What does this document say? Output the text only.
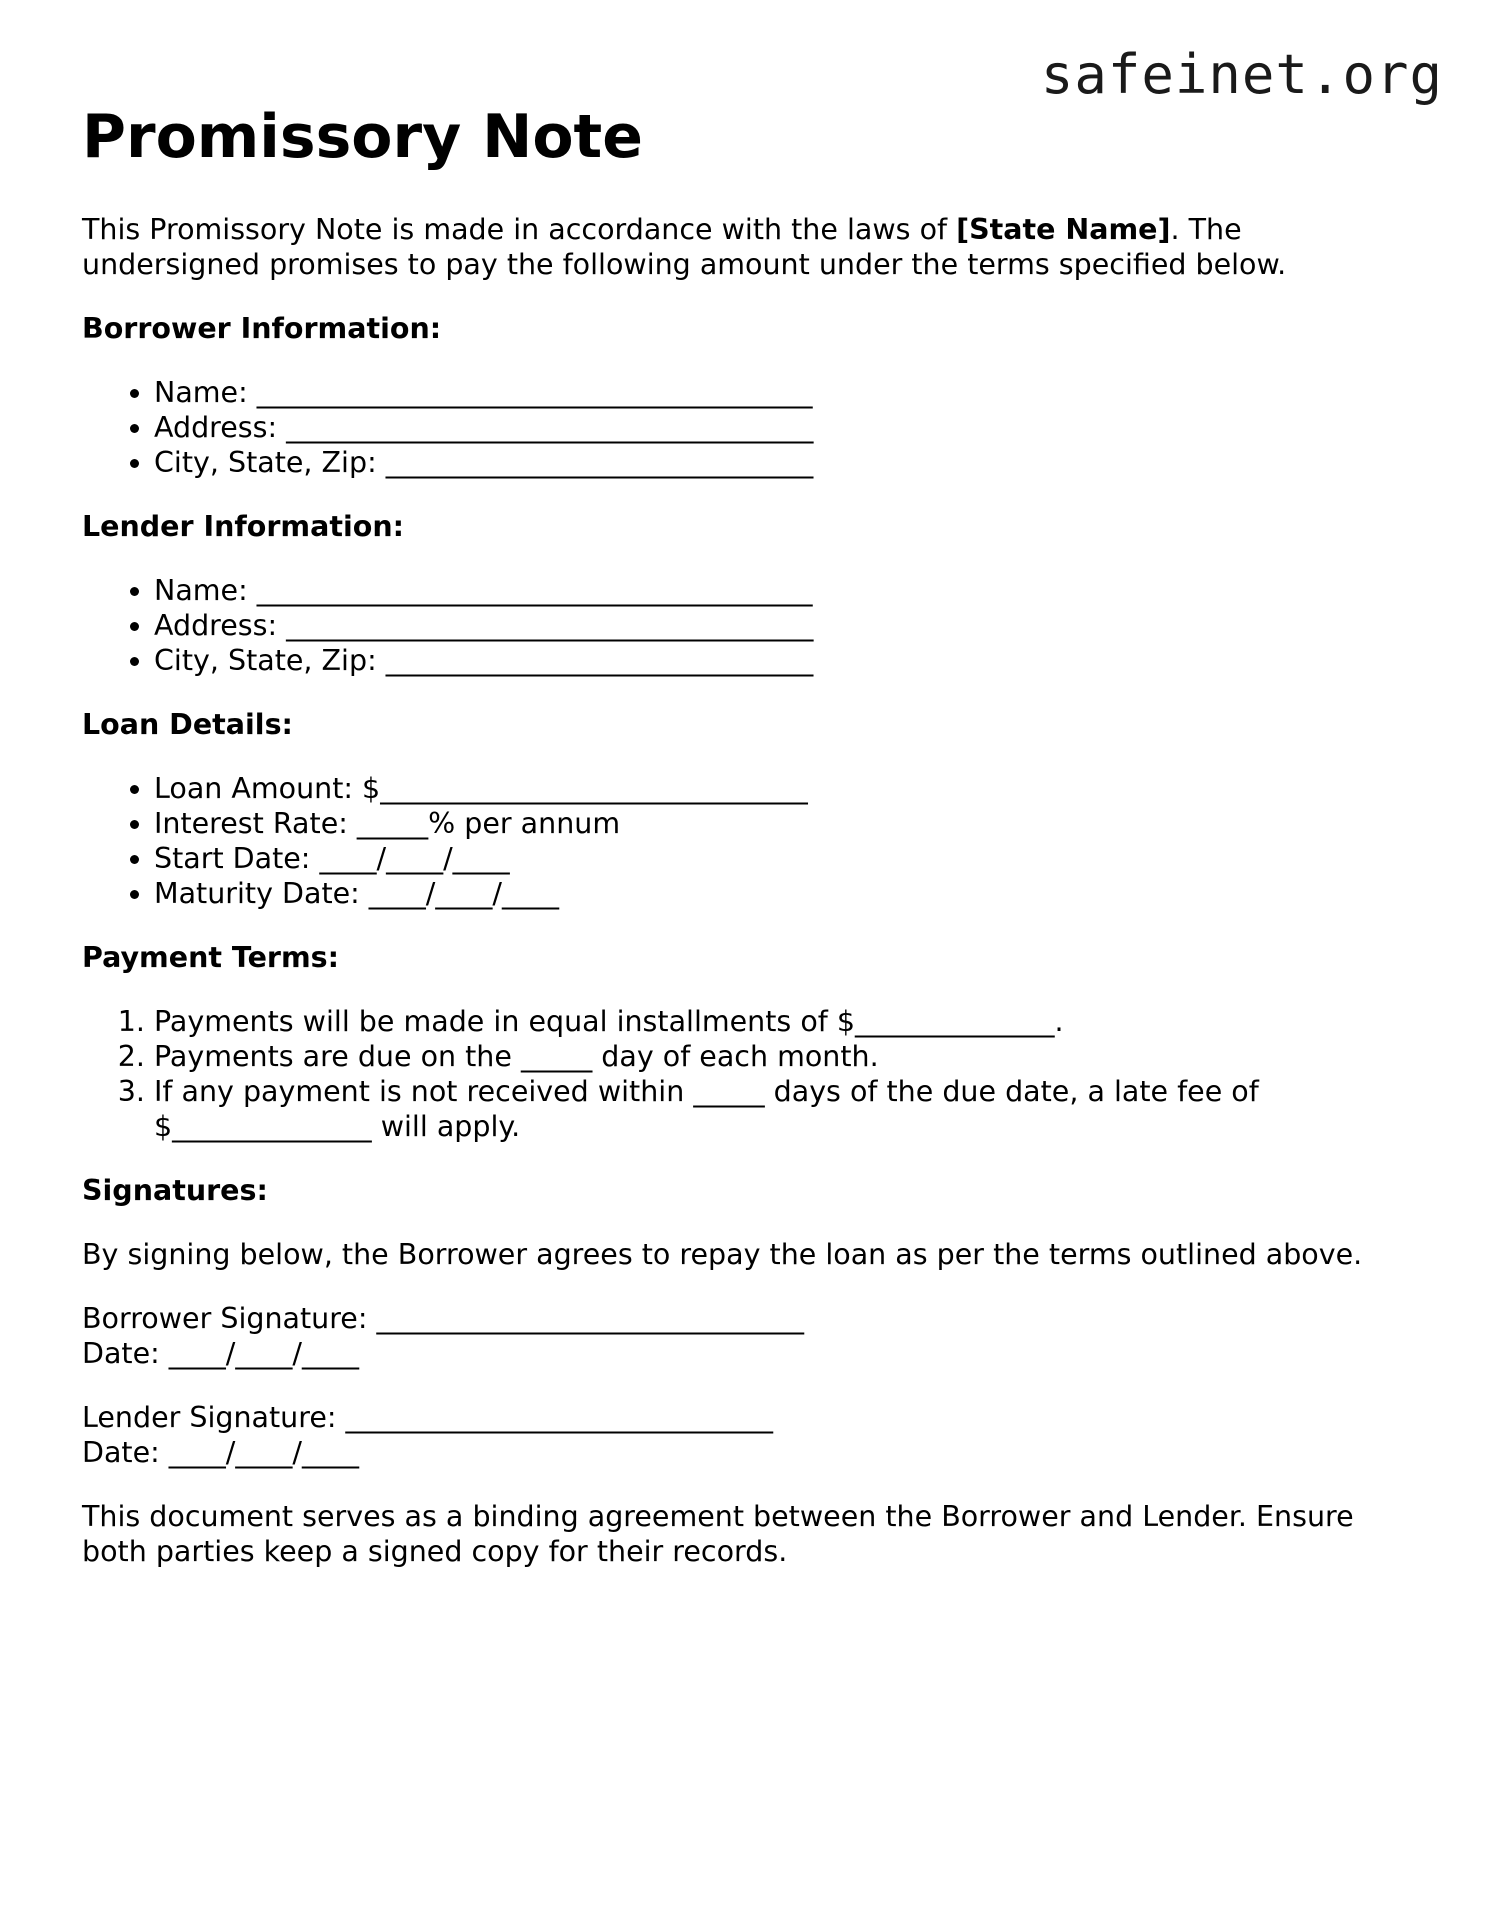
safeinet.org
Promissory Note

This Promissory Note is made in accordance with the laws of [State Name]. The undersigned promises to pay the following amount under the terms specified below.

Borrower Information:

• Name: _______________________________________
• Address: _____________________________________
• City, State, Zip: ______________________________

Lender Information:

• Name: _______________________________________
• Address: _____________________________________
• City, State, Zip: ______________________________

Loan Details:

• Loan Amount: $______________________________
• Interest Rate: _____% per annum
• Start Date: ____/____/____
• Maturity Date: ____/____/____

Payment Terms:

1. Payments will be made in equal installments of $______________.
2. Payments are due on the _____ day of each month.
3. If any payment is not received within _____ days of the due date, a late fee of $______________ will apply.

Signatures:

By signing below, the Borrower agrees to repay the loan as per the terms outlined above.

Borrower Signature: ______________________________
Date: ____/____/____

Lender Signature: ______________________________
Date: ____/____/____

This document serves as a binding agreement between the Borrower and Lender. Ensure both parties keep a signed copy for their records.
